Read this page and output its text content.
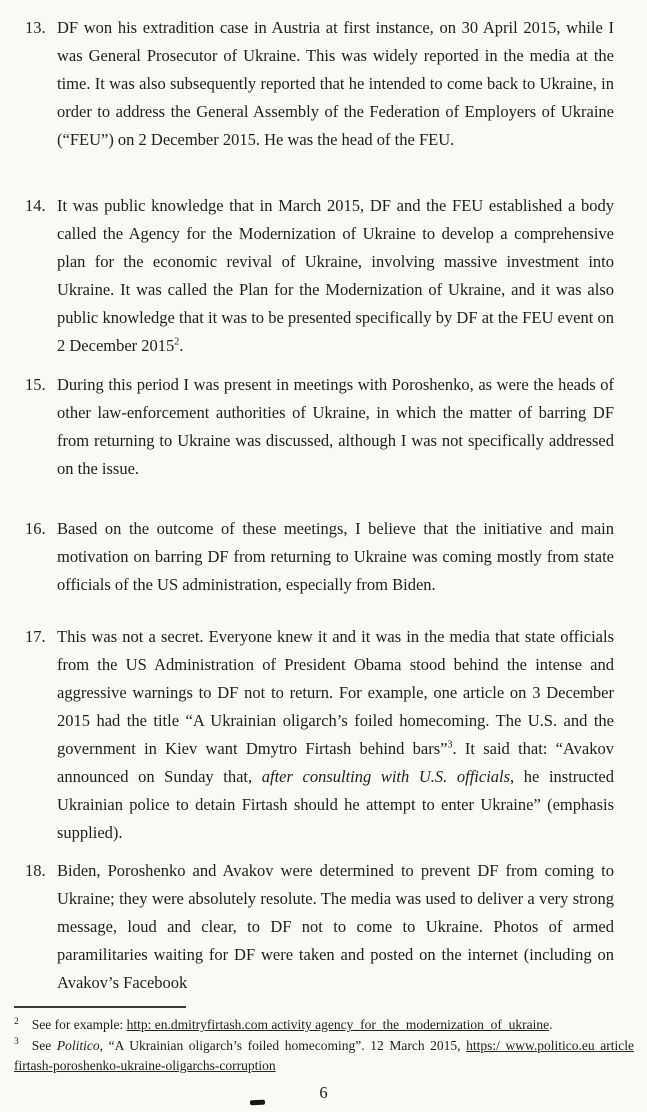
13. DF won his extradition case in Austria at first instance, on 30 April 2015, while I was General Prosecutor of Ukraine. This was widely reported in the media at the time. It was also subsequently reported that he intended to come back to Ukraine, in order to address the General Assembly of the Federation of Employers of Ukraine (“FEU”) on 2 December 2015. He was the head of the FEU.
14. It was public knowledge that in March 2015, DF and the FEU established a body called the Agency for the Modernization of Ukraine to develop a comprehensive plan for the economic revival of Ukraine, involving massive investment into Ukraine. It was called the Plan for the Modernization of Ukraine, and it was also public knowledge that it was to be presented specifically by DF at the FEU event on 2 December 2015$^2$.
15. During this period I was present in meetings with Poroshenko, as were the heads of other law-enforcement authorities of Ukraine, in which the matter of barring DF from returning to Ukraine was discussed, although I was not specifically addressed on the issue.
16. Based on the outcome of these meetings, I believe that the initiative and main motivation on barring DF from returning to Ukraine was coming mostly from state officials of the US administration, especially from Biden.
17. This was not a secret. Everyone knew it and it was in the media that state officials from the US Administration of President Obama stood behind the intense and aggressive warnings to DF not to return. For example, one article on 3 December 2015 had the title “A Ukrainian oligarch’s foiled homecoming. The U.S. and the government in Kiev want Dmytro Firtash behind bars”$^3$. It said that: “Avakov announced on Sunday that, after consulting with U.S. officials, he instructed Ukrainian police to detain Firtash should he attempt to enter Ukraine” (emphasis supplied).
18. Biden, Poroshenko and Avakov were determined to prevent DF from coming to Ukraine; they were absolutely resolute. The media was used to deliver a very strong message, loud and clear, to DF not to come to Ukraine. Photos of armed paramilitaries waiting for DF were taken and posted on the internet (including on Avakov’s Facebook
$^2$ See for example: http: en.dmitryfirtash.com activity agency_for_the_modernization_of_ukraine.
$^3$ See Politico, “A Ukrainian oligarch’s foiled homecoming”. 12 March 2015, https:/ www.politico.eu article firtash-poroshenko-ukraine-oligarchs-corruption
6
